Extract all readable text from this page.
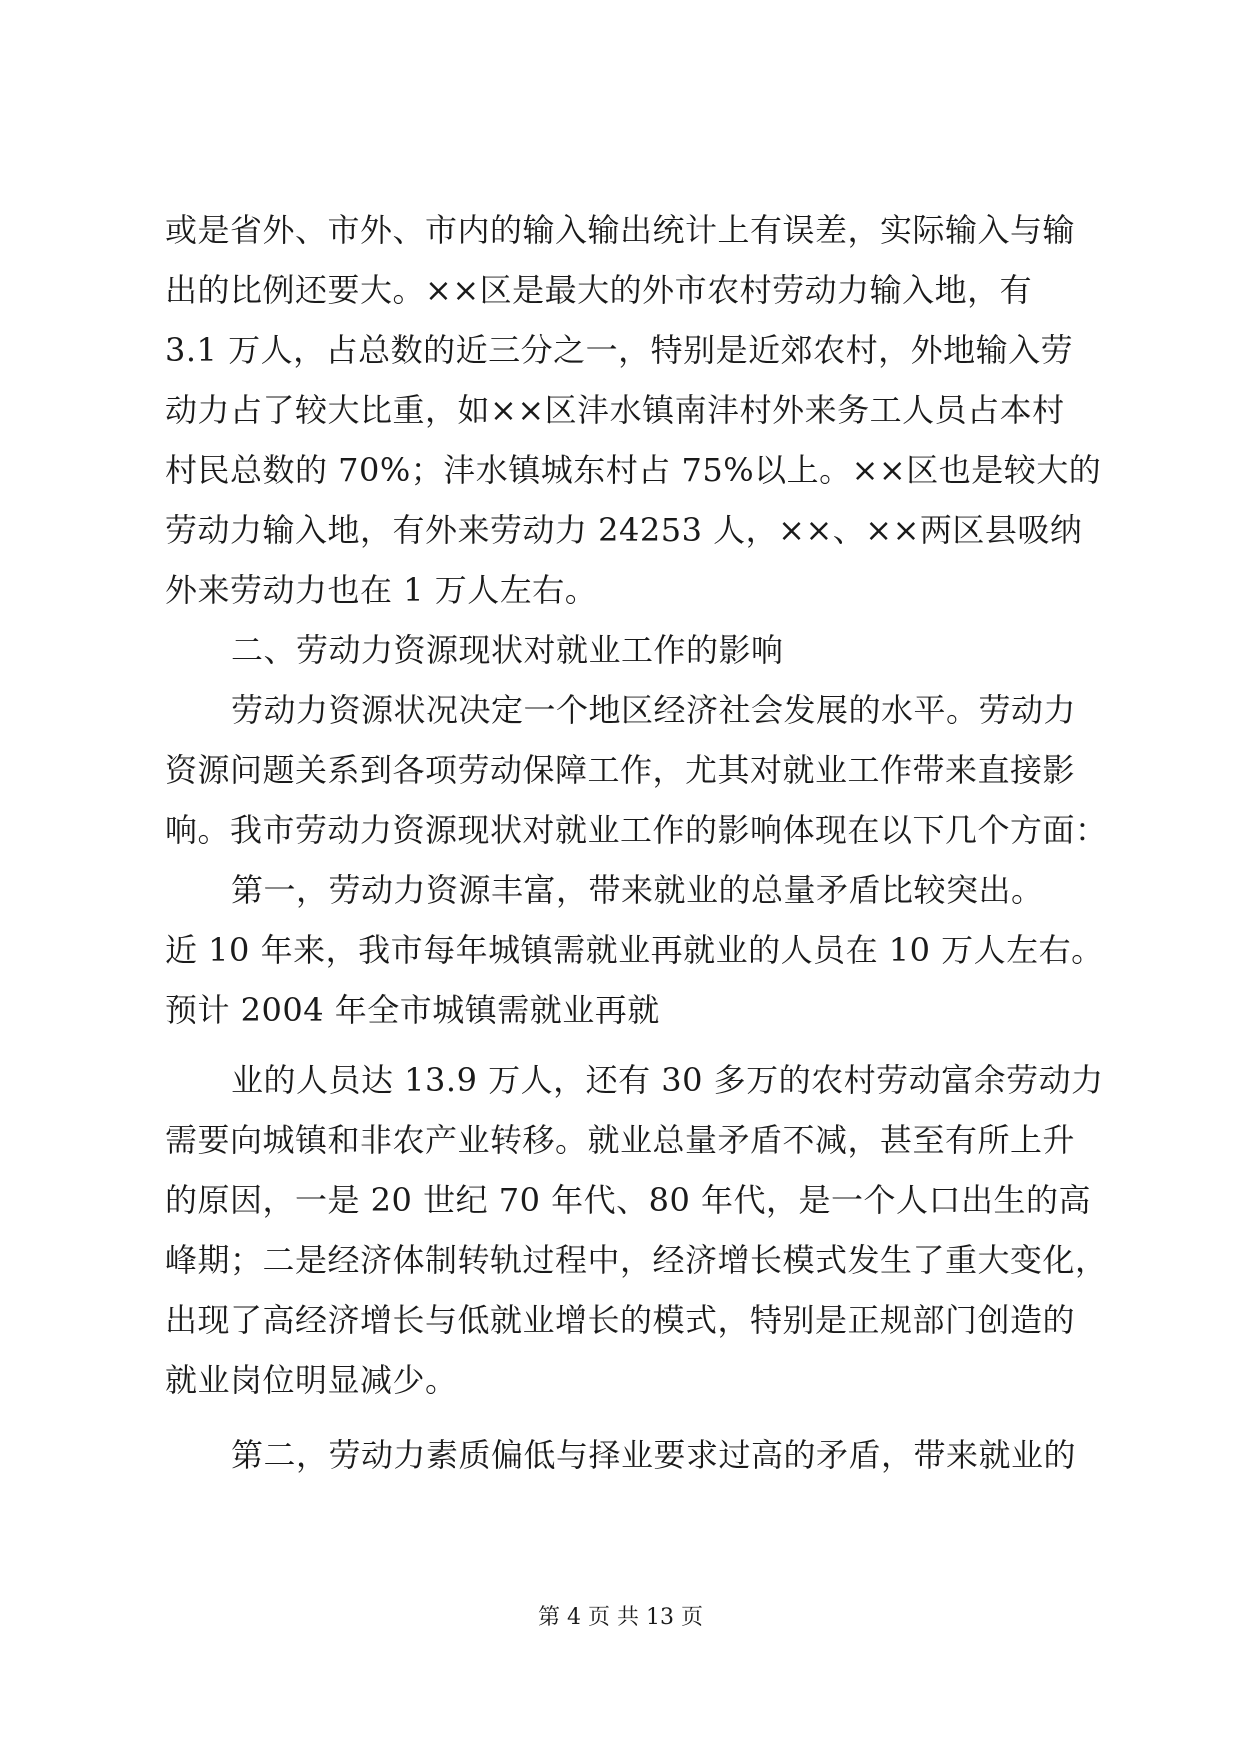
或是省外、市外、市内的输入输出统计上有误差，实际输入与输
出的比例还要大。××区是最大的外市农村劳动力输入地，有
3.1 万人，占总数的近三分之一，特别是近郊农村，外地输入劳
动力占了较大比重，如××区沣水镇南沣村外来务工人员占本村
村民总数的 70%；沣水镇城东村占 75%以上。××区也是较大的
劳动力输入地，有外来劳动力 24253 人，××、××两区县吸纳
外来劳动力也在 1 万人左右。
二、劳动力资源现状对就业工作的影响
劳动力资源状况决定一个地区经济社会发展的水平。劳动力
资源问题关系到各项劳动保障工作，尤其对就业工作带来直接影
响。我市劳动力资源现状对就业工作的影响体现在以下几个方面：
第一，劳动力资源丰富，带来就业的总量矛盾比较突出。
近 10 年来，我市每年城镇需就业再就业的人员在 10 万人左右。
预计 2004 年全市城镇需就业再就
业的人员达 13.9 万人，还有 30 多万的农村劳动富余劳动力
需要向城镇和非农产业转移。就业总量矛盾不减，甚至有所上升
的原因，一是 20 世纪 70 年代、80 年代，是一个人口出生的高
峰期；二是经济体制转轨过程中，经济增长模式发生了重大变化，
出现了高经济增长与低就业增长的模式，特别是正规部门创造的
就业岗位明显减少。
第二，劳动力素质偏低与择业要求过高的矛盾，带来就业的
第 4 页 共 13 页
